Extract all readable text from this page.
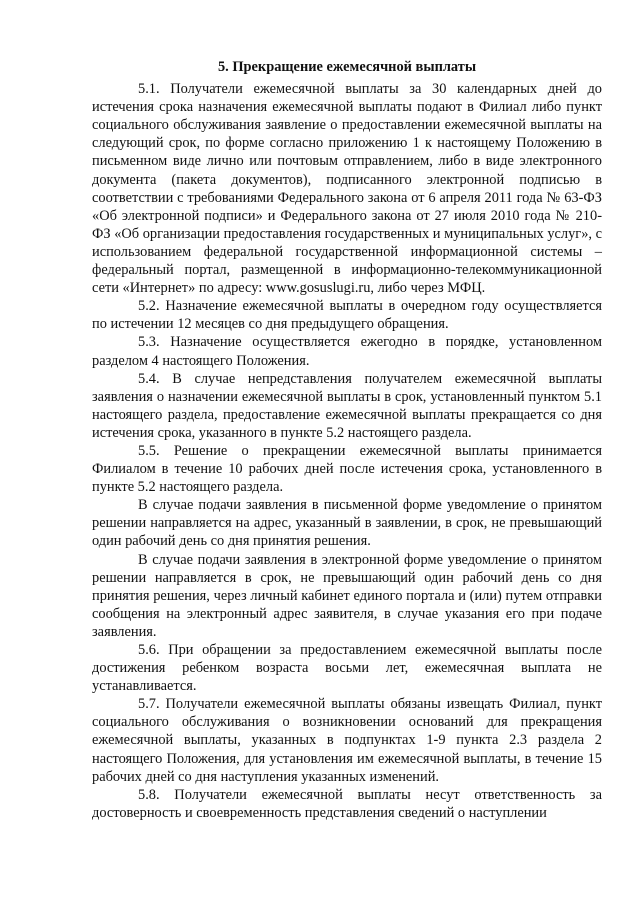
5. Прекращение ежемесячной выплаты

5.1. Получатели ежемесячной выплаты за 30 календарных дней до истечения срока назначения ежемесячной выплаты подают в Филиал либо пункт социального обслуживания заявление о предоставлении ежемесячной выплаты на следующий срок, по форме согласно приложению 1 к настоящему Положению в письменном виде лично или почтовым отправлением, либо в виде электронного документа (пакета документов), подписанного электронной подписью в соответствии с требованиями Федерального закона от 6 апреля 2011 года № 63-ФЗ «Об электронной подписи» и Федерального закона от 27 июля 2010 года № 210-ФЗ «Об организации предоставления государственных и муниципальных услуг», с использованием федеральной государственной информационной системы – федеральный портал, размещенной в информационно-телекоммуникационной сети «Интернет» по адресу: www.gosuslugi.ru, либо через МФЦ.

5.2. Назначение ежемесячной выплаты в очередном году осуществляется по истечении 12 месяцев со дня предыдущего обращения.

5.3. Назначение осуществляется ежегодно в порядке, установленном разделом 4 настоящего Положения.

5.4. В случае непредставления получателем ежемесячной выплаты заявления о назначении ежемесячной выплаты в срок, установленный пунктом 5.1 настоящего раздела, предоставление ежемесячной выплаты прекращается со дня истечения срока, указанного в пункте 5.2 настоящего раздела.

5.5. Решение о прекращении ежемесячной выплаты принимается Филиалом в течение 10 рабочих дней после истечения срока, установленного в пункте 5.2 настоящего раздела.

В случае подачи заявления в письменной форме уведомление о принятом решении направляется на адрес, указанный в заявлении, в срок, не превышающий один рабочий день со дня принятия решения.

В случае подачи заявления в электронной форме уведомление о принятом решении направляется в срок, не превышающий один рабочий день со дня принятия решения, через личный кабинет единого портала и (или) путем отправки сообщения на электронный адрес заявителя, в случае указания его при подаче заявления.

5.6. При обращении за предоставлением ежемесячной выплаты после достижения ребенком возраста восьми лет, ежемесячная выплата не устанавливается.

5.7. Получатели ежемесячной выплаты обязаны извещать Филиал, пункт социального обслуживания о возникновении оснований для прекращения ежемесячной выплаты, указанных в подпунктах 1-9 пункта 2.3 раздела 2 настоящего Положения, для установления им ежемесячной выплаты, в течение 15 рабочих дней со дня наступления указанных изменений.

5.8. Получатели ежемесячной выплаты несут ответственность за достоверность и своевременность представления сведений о наступлении
